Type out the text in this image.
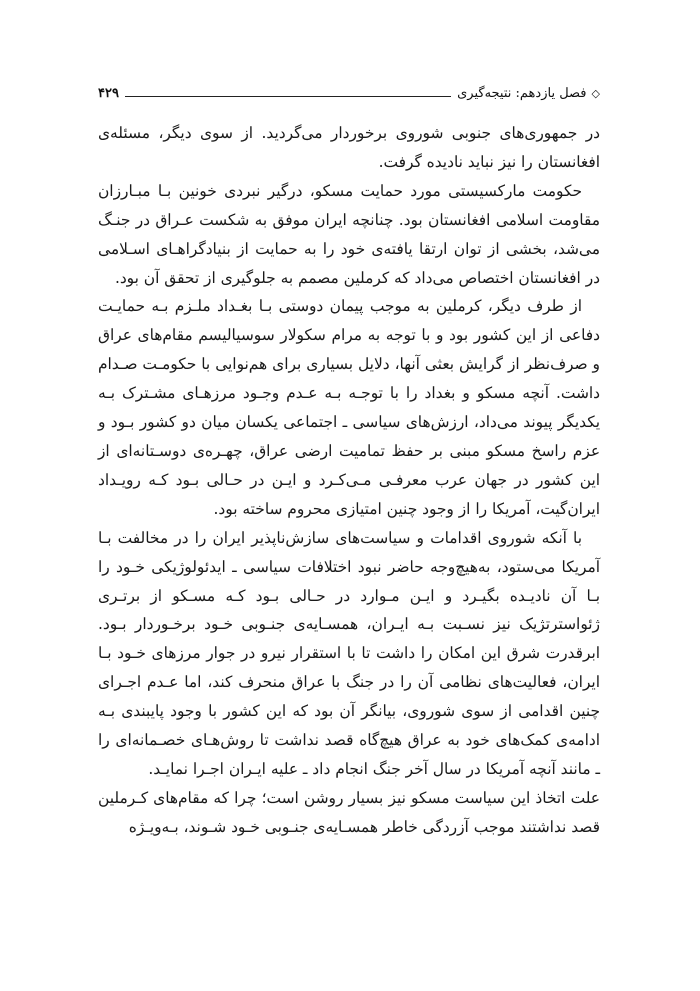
◇
فصل یازدهم: نتیجه‌گیری
۴۲۹

در جمهوری‌های جنوبی شوروی برخوردار می‌گردید. از سوی دیگر، مسئله‌ی افغانستان را نیز نباید نادیده گرفت.

حکومت مارکسیستی مورد حمایت مسکو، درگیر نبردی خونین بـا مبـارزان مقاومت اسلامی افغانستان بود. چنانچه ایران موفق به شکست عـراق در جنـگ می‌شد، بخشی از توان ارتقا یافته‌ی خود را به حمایت از بنیادگراهـای اسـلامی در افغانستان اختصاص می‌داد که کرملین مصمم به جلوگیری از تحقق آن بود.

از طرف دیگر، کرملین به موجب پیمان دوستی بـا بغـداد ملـزم بـه حمایـت دفاعی از این کشور بود و با توجه به مرام سکولار سوسیالیسم مقام‌های عراق و صرف‌نظر از گرایش بعثی آنها، دلایل بسیاری برای هم‌نوایی با حکومـت صـدام داشت. آنچه مسکو و بغداد را با توجـه بـه عـدم وجـود مرزهـای مشـترک بـه یکدیگر پیوند می‌داد، ارزش‌های سیاسی ـ اجتماعی یکسان میان دو کشور بـود و عزم راسخ مسکو مبنی بر حفظ تمامیت ارضی عراق، چهـره‌ی دوسـتانه‌ای از این کشور در جهان عرب معرفـی مـی‌کـرد و ایـن در حـالی بـود کـه رویـداد ایران‌گیت، آمریکا را از وجود چنین امتیازی محروم ساخته بود.

با آنکه شوروی اقدامات و سیاست‌های سازش‌ناپذیر ایران را در مخالفت بـا آمریکا می‌ستود، به‌هیچ‌وجه حاضر نبود اختلافات سیاسی ـ ایدئولوژیکی خـود را بـا آن نادیـده بگیـرد و ایـن مـوارد در حـالی بـود کـه مسـکو از برتـری ژئواسترتژیک نیز نسـبت بـه ایـران، همسـایه‌ی جنـوبی خـود برخـوردار بـود. ابرقدرت شرق این امکان را داشت تا با استقرار نیرو در جوار مرزهای خـود بـا ایران، فعالیت‌های نظامی آن را در جنگ با عراق منحرف کند، اما عـدم اجـرای چنین اقدامی از سوی شوروی، بیانگر آن بود که این کشور با وجود پایبندی بـه ادامه‌ی کمک‌های خود به عراق هیچ‌گاه قصد نداشت تا روش‌هـای خصـمانه‌ای را ـ مانند آنچه آمریکا در سال آخر جنگ انجام داد ـ علیه ایـران اجـرا نمایـد.

علت اتخاذ این سیاست مسکو نیز بسیار روشن است؛ چرا که مقام‌های کـرملین قصد نداشتند موجب آزردگی خاطر همسـایه‌ی جنـوبی خـود شـوند، بـه‌ویـژه
